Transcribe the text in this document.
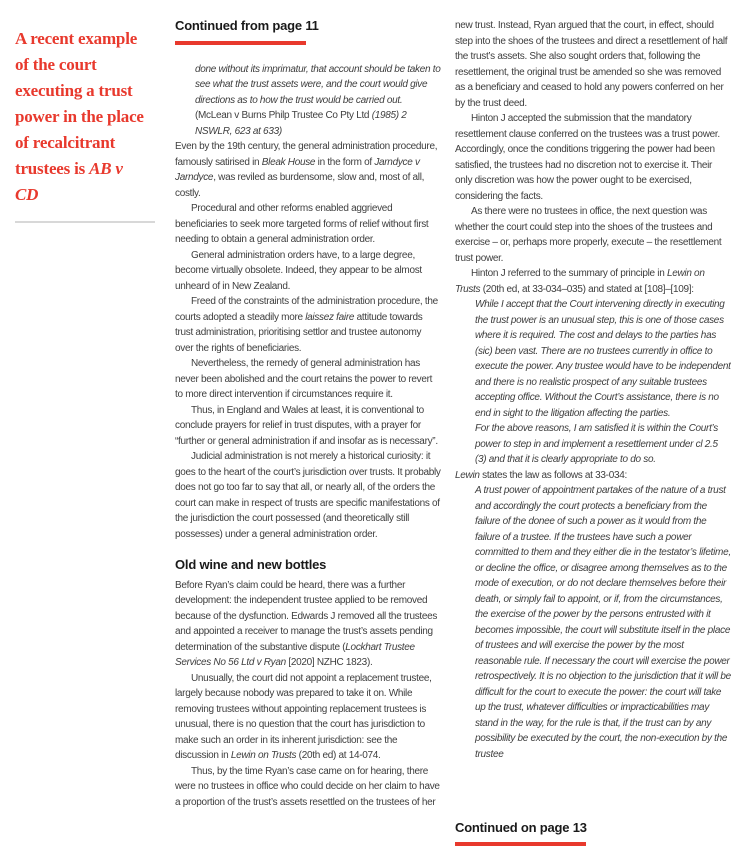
A recent example of the court executing a trust power in the place of recalcitrant trustees is AB v CD
Continued from page 11

done without its imprimatur, that account should be taken to see what the trust assets were, and the court would give directions as to how the trust would be carried out. (McLean v Burns Philp Trustee Co Pty Ltd (1985) 2 NSWLR, 623 at 633)

Even by the 19th century, the general administration procedure, famously satirised in Bleak House in the form of Jarndyce v Jarndyce, was reviled as burdensome, slow and, most of all, costly.

Procedural and other reforms enabled aggrieved beneficiaries to seek more targeted forms of relief without first needing to obtain a general administration order.

General administration orders have, to a large degree, become virtually obsolete. Indeed, they appear to be almost unheard of in New Zealand.

Freed of the constraints of the administration procedure, the courts adopted a steadily more laissez faire attitude towards trust administration, prioritising settlor and trustee autonomy over the rights of beneficiaries.

Nevertheless, the remedy of general administration has never been abolished and the court retains the power to revert to more direct intervention if circumstances require it.

Thus, in England and Wales at least, it is conventional to conclude prayers for relief in trust disputes, with a prayer for “further or general administration if and insofar as is necessary”.

Judicial administration is not merely a historical curiosity: it goes to the heart of the court’s jurisdiction over trusts. It probably does not go too far to say that all, or nearly all, of the orders the court can make in respect of trusts are specific manifestations of the jurisdiction the court possessed (and theoretically still possesses) under a general administration order.

Old wine and new bottles

Before Ryan’s claim could be heard, there was a further development: the independent trustee applied to be removed because of the dysfunction. Edwards J removed all the trustees and appointed a receiver to manage the trust’s assets pending determination of the substantive dispute (Lockhart Trustee Services No 56 Ltd v Ryan [2020] NZHC 1823).

Unusually, the court did not appoint a replacement trustee, largely because nobody was prepared to take it on. While removing trustees without appointing replacement trustees is unusual, there is no question that the court has jurisdiction to make such an order in its inherent jurisdiction: see the discussion in Lewin on Trusts (20th ed) at 14-074.

Thus, by the time Ryan’s case came on for hearing, there were no trustees in office who could decide on her claim to have a proportion of the trust’s assets resettled on the trustees of her

new trust. Instead, Ryan argued that the court, in effect, should step into the shoes of the trustees and direct a resettlement of half the trust’s assets. She also sought orders that, following the resettlement, the original trust be amended so she was removed as a beneficiary and ceased to hold any powers conferred on her by the trust deed.

Hinton J accepted the submission that the mandatory resettlement clause conferred on the trustees was a trust power. Accordingly, once the conditions triggering the power had been satisfied, the trustees had no discretion not to exercise it. Their only discretion was how the power ought to be exercised, considering the facts.

As there were no trustees in office, the next question was whether the court could step into the shoes of the trustees and exercise – or, perhaps more properly, execute – the resettlement trust power.

Hinton J referred to the summary of principle in Lewin on Trusts (20th ed, at 33-034–035) and stated at [108]–[109]:

While I accept that the Court intervening directly in executing the trust power is an unusual step, this is one of those cases where it is required. The cost and delays to the parties has (sic) been vast. There are no trustees currently in office to execute the power. Any trustee would have to be independent and there is no realistic prospect of any suitable trustees accepting office. Without the Court’s assistance, there is no end in sight to the litigation affecting the parties.

For the above reasons, I am satisfied it is within the Court’s power to step in and implement a resettlement under cl 2.5 (3) and that it is clearly appropriate to do so.

Lewin states the law as follows at 33-034:

A trust power of appointment partakes of the nature of a trust and accordingly the court protects a beneficiary from the failure of the donee of such a power as it would from the failure of a trustee. If the trustees have such a power committed to them and they either die in the testator’s lifetime, or decline the office, or disagree among themselves as to the mode of execution, or do not declare themselves before their death, or simply fail to appoint, or if, from the circumstances, the exercise of the power by the persons entrusted with it becomes impossible, the court will substitute itself in the place of trustees and will exercise the power by the most reasonable rule. If necessary the court will exercise the power retrospectively. It is no objection to the jurisdiction that it will be difficult for the court to execute the power: the court will take up the trust, whatever difficulties or impracticabilities may stand in the way, for the rule is that, if the trust can by any possibility be executed by the court, the non-execution by the trustee

Continued on page 13
